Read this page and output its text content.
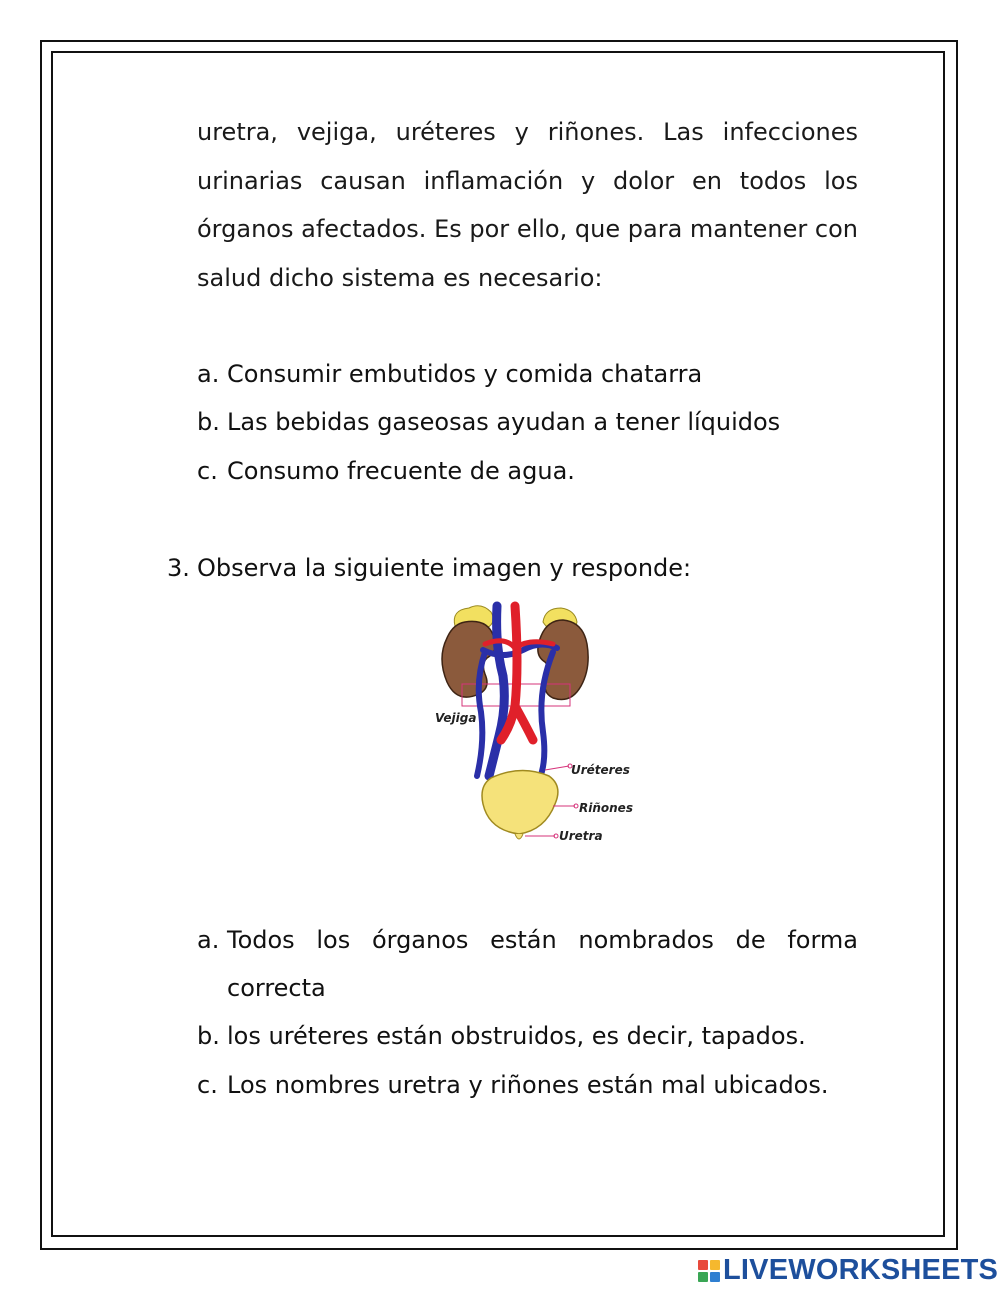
uretra, vejiga, uréteres y riñones. Las infecciones
urinarias causan inflamación y dolor en todos los
órganos afectados. Es por ello, que para mantener con
salud dicho sistema es necesario:
a. Consumir embutidos y comida chatarra
b. Las bebidas gaseosas ayudan a tener líquidos
c. Consumo frecuente de agua.
3. Observa la siguiente imagen y responde:
Vejiga
Uréteres
Riñones
Uretra
a. Todos los órganos están nombrados de forma
correcta
b. los uréteres están obstruidos, es decir, tapados.
c. Los nombres uretra y riñones están mal ubicados.
LIVEWORKSHEETS
